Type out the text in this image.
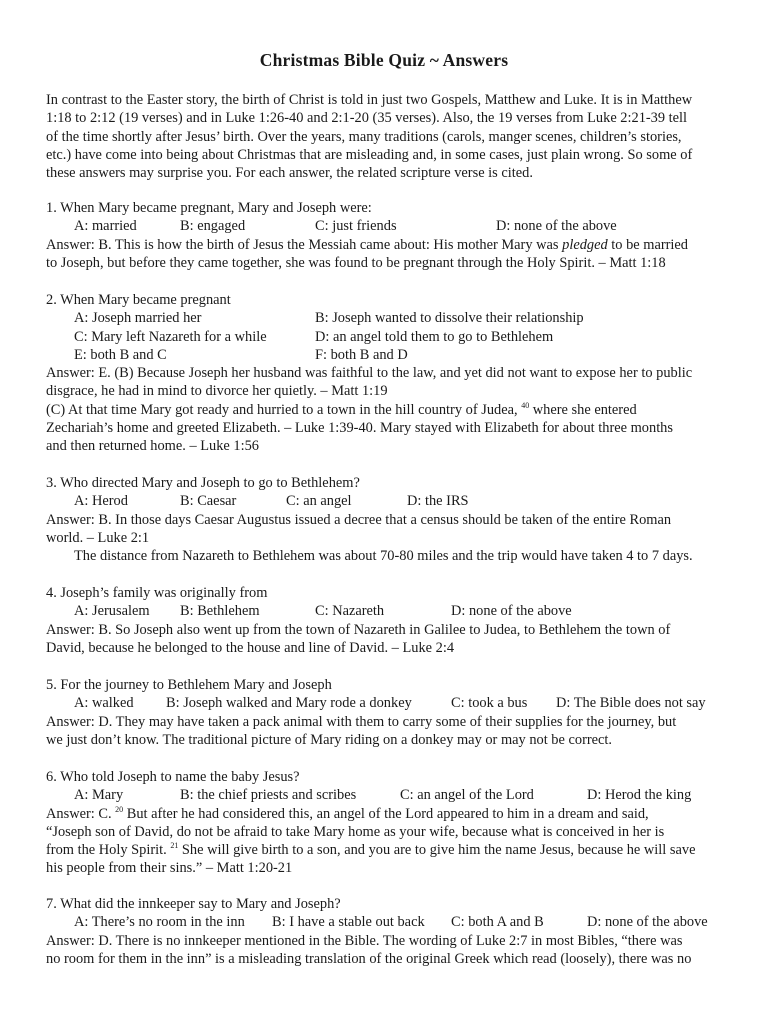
Christmas Bible Quiz ~ Answers
In contrast to the Easter story, the birth of Christ is told in just two Gospels, Matthew and Luke. It is in Matthew
1:18 to 2:12 (19 verses) and in Luke 1:26-40 and 2:1-20 (35 verses). Also, the 19 verses from Luke 2:21-39 tell
of the time shortly after Jesus’ birth. Over the years, many traditions (carols, manger scenes, children’s stories,
etc.) have come into being about Christmas that are misleading and, in some cases, just plain wrong. So some of
these answers may surprise you. For each answer, the related scripture verse is cited.
1. When Mary became pregnant, Mary and Joseph were:
A: married	B: engaged	C: just friends	D: none of the above
Answer: B. This is how the birth of Jesus the Messiah came about: His mother Mary was pledged to be married
to Joseph, but before they came together, she was found to be pregnant through the Holy Spirit. – Matt 1:18
2. When Mary became pregnant
A: Joseph married her	B: Joseph wanted to dissolve their relationship
C: Mary left Nazareth for a while	D: an angel told them to go to Bethlehem
E: both B and C	F: both B and D
Answer: E. (B) Because Joseph her husband was faithful to the law, and yet did not want to expose her to public
disgrace, he had in mind to divorce her quietly. – Matt 1:19
(C) At that time Mary got ready and hurried to a town in the hill country of Judea, $^{40}$ where she entered
Zechariah’s home and greeted Elizabeth. – Luke 1:39-40. Mary stayed with Elizabeth for about three months
and then returned home. – Luke 1:56
3. Who directed Mary and Joseph to go to Bethlehem?
A: Herod	B: Caesar	C: an angel	D: the IRS
Answer: B. In those days Caesar Augustus issued a decree that a census should be taken of the entire Roman
world. – Luke 2:1
The distance from Nazareth to Bethlehem was about 70-80 miles and the trip would have taken 4 to 7 days.
4. Joseph’s family was originally from
A: Jerusalem B: Bethlehem	C: Nazareth	D: none of the above
Answer: B. So Joseph also went up from the town of Nazareth in Galilee to Judea, to Bethlehem the town of
David, because he belonged to the house and line of David. – Luke 2:4
5. For the journey to Bethlehem Mary and Joseph
A: walked B: Joseph walked and Mary rode a donkey	C: took a bus D: The Bible does not say
Answer: D. They may have taken a pack animal with them to carry some of their supplies for the journey, but
we just don’t know. The traditional picture of Mary riding on a donkey may or may not be correct.
6. Who told Joseph to name the baby Jesus?
A: Mary	B: the chief priests and scribes	C: an angel of the Lord	D: Herod the king
Answer: C. $^{20}$ But after he had considered this, an angel of the Lord appeared to him in a dream and said,
“Joseph son of David, do not be afraid to take Mary home as your wife, because what is conceived in her is
from the Holy Spirit. $^{21}$ She will give birth to a son, and you are to give him the name Jesus, because he will save
his people from their sins.” – Matt 1:20-21
7. What did the innkeeper say to Mary and Joseph?
A: There’s no room in the inn B: I have a stable out back C: both A and B	D: none of the above
Answer: D. There is no innkeeper mentioned in the Bible. The wording of Luke 2:7 in most Bibles, “there was
no room for them in the inn” is a misleading translation of the original Greek which read (loosely), there was no
